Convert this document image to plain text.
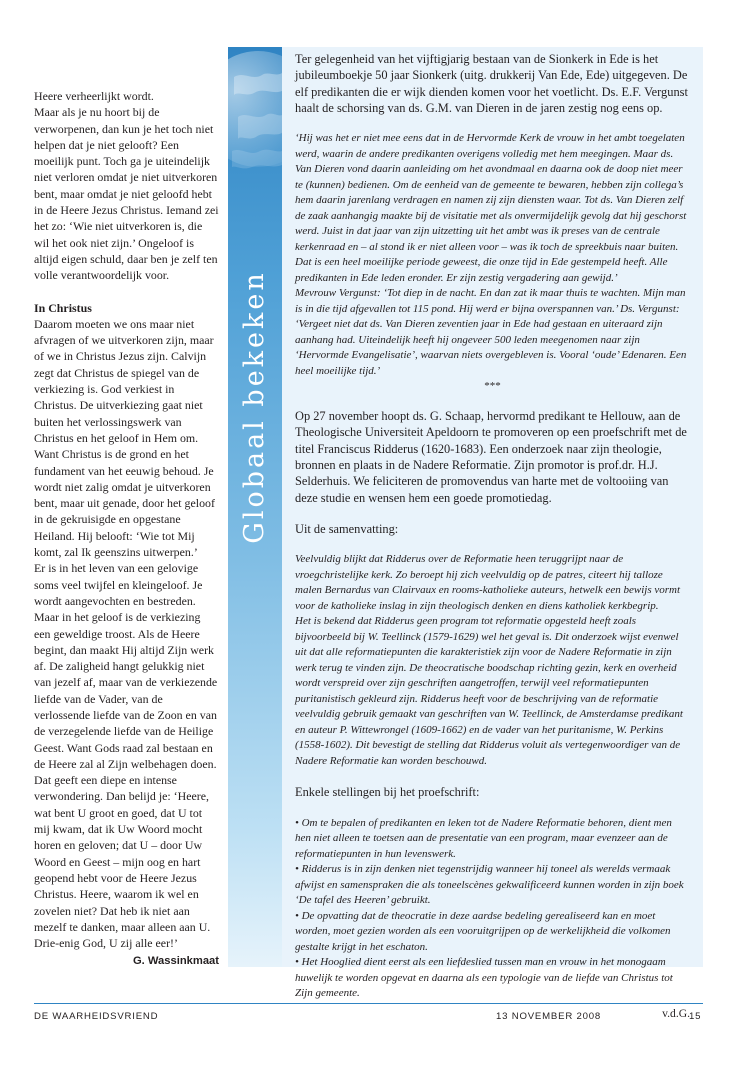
Heere verheerlijkt wordt.

Maar als je nu hoort bij de verworpenen, dan kun je het toch niet helpen dat je niet gelooft? Een moeilijk punt. Toch ga je uiteindelijk niet verloren omdat je niet uitverkoren bent, maar omdat je niet geloofd hebt in de Heere Jezus Christus. Iemand zei het zo: ‘Wie niet uitverkoren is, die wil het ook niet zijn.’ Ongeloof is altijd eigen schuld, daar ben je zelf ten volle verantwoordelijk voor.

In Christus

Daarom moeten we ons maar niet afvragen of we uitverkoren zijn, maar of we in Christus Jezus zijn. Calvijn zegt dat Christus de spiegel van de verkiezing is. God verkiest in Christus. De uitverkiezing gaat niet buiten het verlossingswerk van Christus en het geloof in Hem om.

Want Christus is de grond en het fundament van het eeuwig behoud. Je wordt niet zalig omdat je uitverkoren bent, maar uit genade, door het geloof in de gekruisigde en opgestane Heiland. Hij belooft: ‘Wie tot Mij komt, zal Ik geenszins uitwerpen.’

Er is in het leven van een gelovige soms veel twijfel en kleingeloof. Je wordt aangevochten en bestreden. Maar in het geloof is de verkiezing een geweldige troost. Als de Heere begint, dan maakt Hij altijd Zijn werk af. De zaligheid hangt gelukkig niet van jezelf af, maar van de verkiezende liefde van de Vader, van de verlossende liefde van de Zoon en van de verzegelende liefde van de Heilige Geest. Want Gods raad zal bestaan en de Heere zal al Zijn welbehagen doen.

Dat geeft een diepe en intense verwondering. Dan belijd je: ‘Heere, wat bent U groot en goed, dat U tot mij kwam, dat ik Uw Woord mocht horen en geloven; dat U – door Uw Woord en Geest – mijn oog en hart geopend hebt voor de Heere Jezus Christus. Heere, waarom ik wel en zovelen niet? Dat heb ik niet aan mezelf te danken, maar alleen aan U. Drie-enig God, U zij alle eer!’

G. Wassinkmaat

Globaal bekeken

Ter gelegenheid van het vijftigjarig bestaan van de Sionkerk in Ede is het jubileumboekje 50 jaar Sionkerk (uitg. drukkerij Van Ede, Ede) uitgegeven. De elf predikanten die er wijk dienden komen voor het voetlicht. Ds. E.F. Vergunst haalt de schorsing van ds. G.M. van Dieren in de jaren zestig nog eens op.

‘Hij was het er niet mee eens dat in de Hervormde Kerk de vrouw in het ambt toegelaten werd, waarin de andere predikanten overigens volledig met hem meegingen. Maar ds. Van Dieren vond daarin aanleiding om het avondmaal en daarna ook de doop niet meer te (kunnen) bedienen. Om de eenheid van de gemeente te bewaren, hebben zijn collega’s hem daarin jarenlang verdragen en namen zij zijn diensten waar. Tot ds. Van Dieren zelf de zaak aanhangig maakte bij de visitatie met als onvermijdelijk gevolg dat hij geschorst werd. Juist in dat jaar van zijn uitzetting uit het ambt was ik preses van de centrale kerkenraad en – al stond ik er niet alleen voor – was ik toch de spreekbuis naar buiten. Dat is een heel moeilijke periode geweest, die onze tijd in Ede gestempeld heeft. Alle predikanten in Ede leden eronder. Er zijn zestig vergadering aan gewijd.’

Mevrouw Vergunst: ‘Tot diep in de nacht. En dan zat ik maar thuis te wachten. Mijn man is in die tijd afgevallen tot 115 pond. Hij werd er bijna overspannen van.’ Ds. Vergunst: ‘Vergeet niet dat ds. Van Dieren zeventien jaar in Ede had gestaan en uiteraard zijn aanhang had. Uiteindelijk heeft hij ongeveer 500 leden meegenomen naar zijn ‘Hervormde Evangelisatie’, waarvan niets overgebleven is. Vooral ‘oude’ Edenaren. Een heel moeilijke tijd.’

***

Op 27 november hoopt ds. G. Schaap, hervormd predikant te Hellouw, aan de Theologische Universiteit Apeldoorn te promoveren op een proefschrift met de titel Franciscus Ridderus (1620-1683). Een onderzoek naar zijn theologie, bronnen en plaats in de Nadere Reformatie. Zijn promotor is prof.dr. H.J. Selderhuis. We feliciteren de promovendus van harte met de voltooiing van deze studie en wensen hem een goede promotiedag.

Uit de samenvatting:

Veelvuldig blijkt dat Ridderus over de Reformatie heen teruggrijpt naar de vroegchristelijke kerk. Zo beroept hij zich veelvuldig op de patres, citeert hij talloze malen Bernardus van Clairvaux en rooms-katholieke auteurs, hetwelk een bewijs vormt voor de katholieke inslag in zijn theologisch denken en diens katholiek kerkbegrip.

Het is bekend dat Ridderus geen program tot reformatie opgesteld heeft zoals bijvoorbeeld bij W. Teellinck (1579-1629) wel het geval is. Dit onderzoek wijst evenwel uit dat alle reformatiepunten die karakteristiek zijn voor de Nadere Reformatie in zijn werk terug te vinden zijn. De theocratische boodschap richting gezin, kerk en overheid wordt verspreid over zijn geschriften aangetroffen, terwijl veel reformatiepunten puritanistisch gekleurd zijn. Ridderus heeft voor de beschrijving van de reformatie veelvuldig gebruik gemaakt van geschriften van W. Teellinck, de Amsterdamse predikant en auteur P. Wittewrongel (1609-1662) en de vader van het puritanisme, W. Perkins (1558-1602). Dit bevestigt de stelling dat Ridderus voluit als vertegenwoordiger van de Nadere Reformatie kan worden beschouwd.

Enkele stellingen bij het proefschrift:

• Om te bepalen of predikanten en leken tot de Nadere Reformatie behoren, dient men hen niet alleen te toetsen aan de presentatie van een program, maar evenzeer aan de reformatiepunten in hun levenswerk.

• Ridderus is in zijn denken niet tegenstrijdig wanneer hij toneel als werelds vermaak afwijst en samenspraken die als toneelscènes gekwalificeerd kunnen worden in zijn boek ‘De tafel des Heeren’ gebruikt.

• De opvatting dat de theocratie in deze aardse bedeling gerealiseerd kan en moet worden, moet gezien worden als een vooruitgrijpen op de werkelijkheid die volkomen gestalte krijgt in het eschaton.

• Het Hooglied dient eerst als een liefdeslied tussen man en vrouw in het monogaam huwelijk te worden opgevat en daarna als een typologie van de liefde van Christus tot Zijn gemeente.

v.d.G.

DE WAARHEIDSVRIEND	13 NOVEMBER 2008	15
